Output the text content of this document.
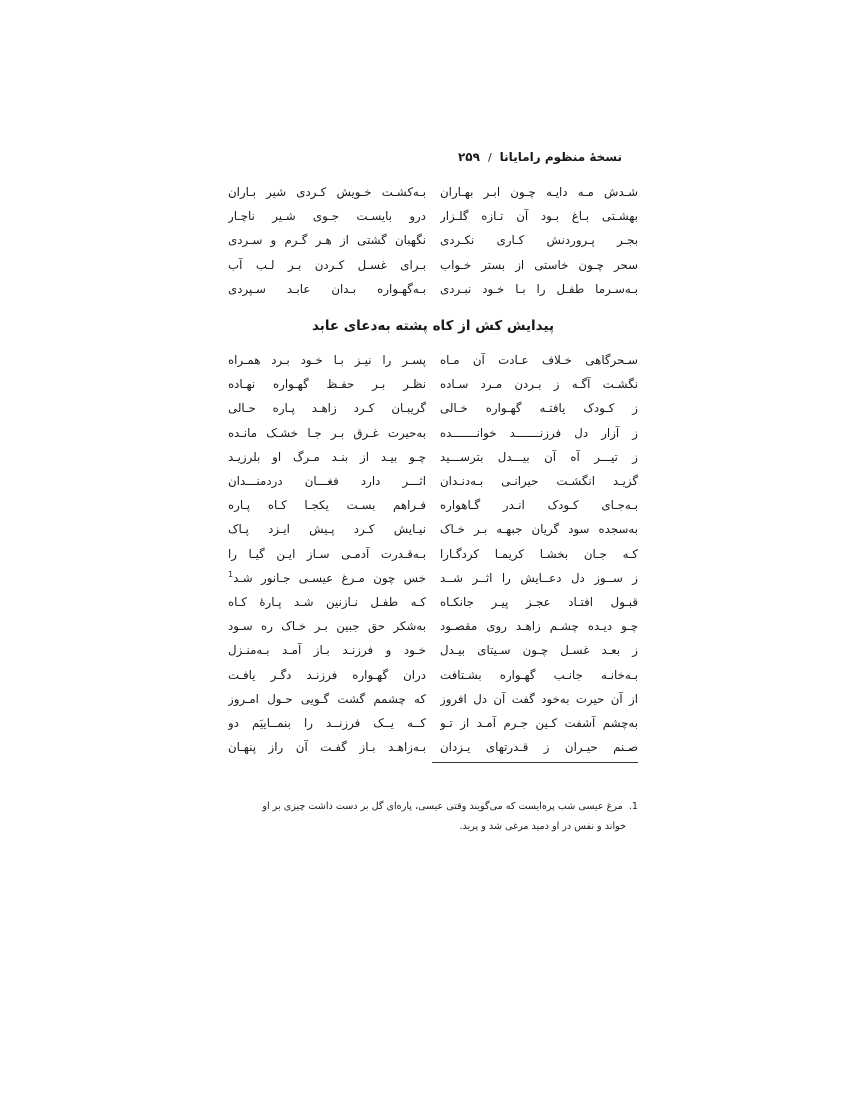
نسخهٔ منظوم رامایانا
/
۲۵۹
شـدش مـه دایـه چـون ابـر بهـاران
بـه‌کشـت خـویش کـردی شیر بـاران
بهشـتی بـاغ بـود آن تـازه گلـزار
درو بایسـت جـوی شـیر ناچـار
بجـر پـروردنش کـاری نکـردی
نگهبان گشتی از هـر گـرم و سـردی
سحر چـون خاستی از بستر خـواب
بـرای غسـل کـردن بـر لـب آب
بـه‌سـرما طفـل را بـا خـود نبـردی
بـه‌گهـواره بـدان عابـد سـپردی
پیدایش کش از کاه پشته به‌دعای عابد
سـحرگاهی خـلاف عـادت آن مـاه
پسـر را نیـز بـا خـود بـرد همـراه
نگشـت آگـه ز بـردن مـرد سـاده
نظـر بـر حفـظ گهـواره نهـاده
ز کـودک یافتـه گهـواره خـالی
گریبـان کـرد زاهـد پـاره حـالی
ز آزار دل فرزنـــــــد خوانـــــــده
به‌حیرت غـرق بـر جـا خشـک مانـده
ز تیـــر آه آن بیـــدل بترســـید
چـو بیـد از بنـد مـرگ او بلرزیـد
گزیـد انگشـت حیرانـی بـه‌دنـدان
اثـــر دارد فغـــان دردمنـــدان
بـه‌جـای کـودک انـدر گـاهواره
فـراهم بسـت یکجـا کـاه پـاره
به‌سجده سود گریان جبهـه بـر خـاک
نیـایش کـرد پـیش ایـزد پـاک
کـه جـان بخشـا کریمـا کردگـارا
بـه‌قـدرت آدمـی سـاز ایـن گیـا را
ز ســوز دل دعــایش را اثــر شــد
خس چون مـرغ عیسـی جـانور شـد$^1$
قبـول افتـاد عجـز پیـر جانکـاه
کـه طفـل نـازنین شـد پـارهٔ کـاه
چـو دیـده چشـم زاهـد روی مقصـود
به‌شکر حق جبین بـر خـاک ره سـود
ز بعـد غسـل چـون سـیتای بیـدل
خـود و فرزنـد بـاز آمـد بـه‌منـزل
بـه‌خانـه جانـب گهـواره بشـتافت
دران گهـواره فرزنـد دگـر یافـت
از آن حیرت به‌خود گفت آن دل افروز
که چشمم گشت گـویی حـول امـروز
به‌چشم آشفت کـین جـرم آمـد از تـو
کــه یــک فرزنــد را بنمــاییَم دو
صـنم حیـران ز قـدرتهای یـزدان
بـه‌زاهـد بـاز گفـت آن راز پنهـان

1. مرغ عیسی شب پره‌ایست که می‌گویند وقتی عیسی، پاره‌ای گل بر دست داشت چیزی بر او

خواند و نفس در او دمید مرغی شد و پرید.
